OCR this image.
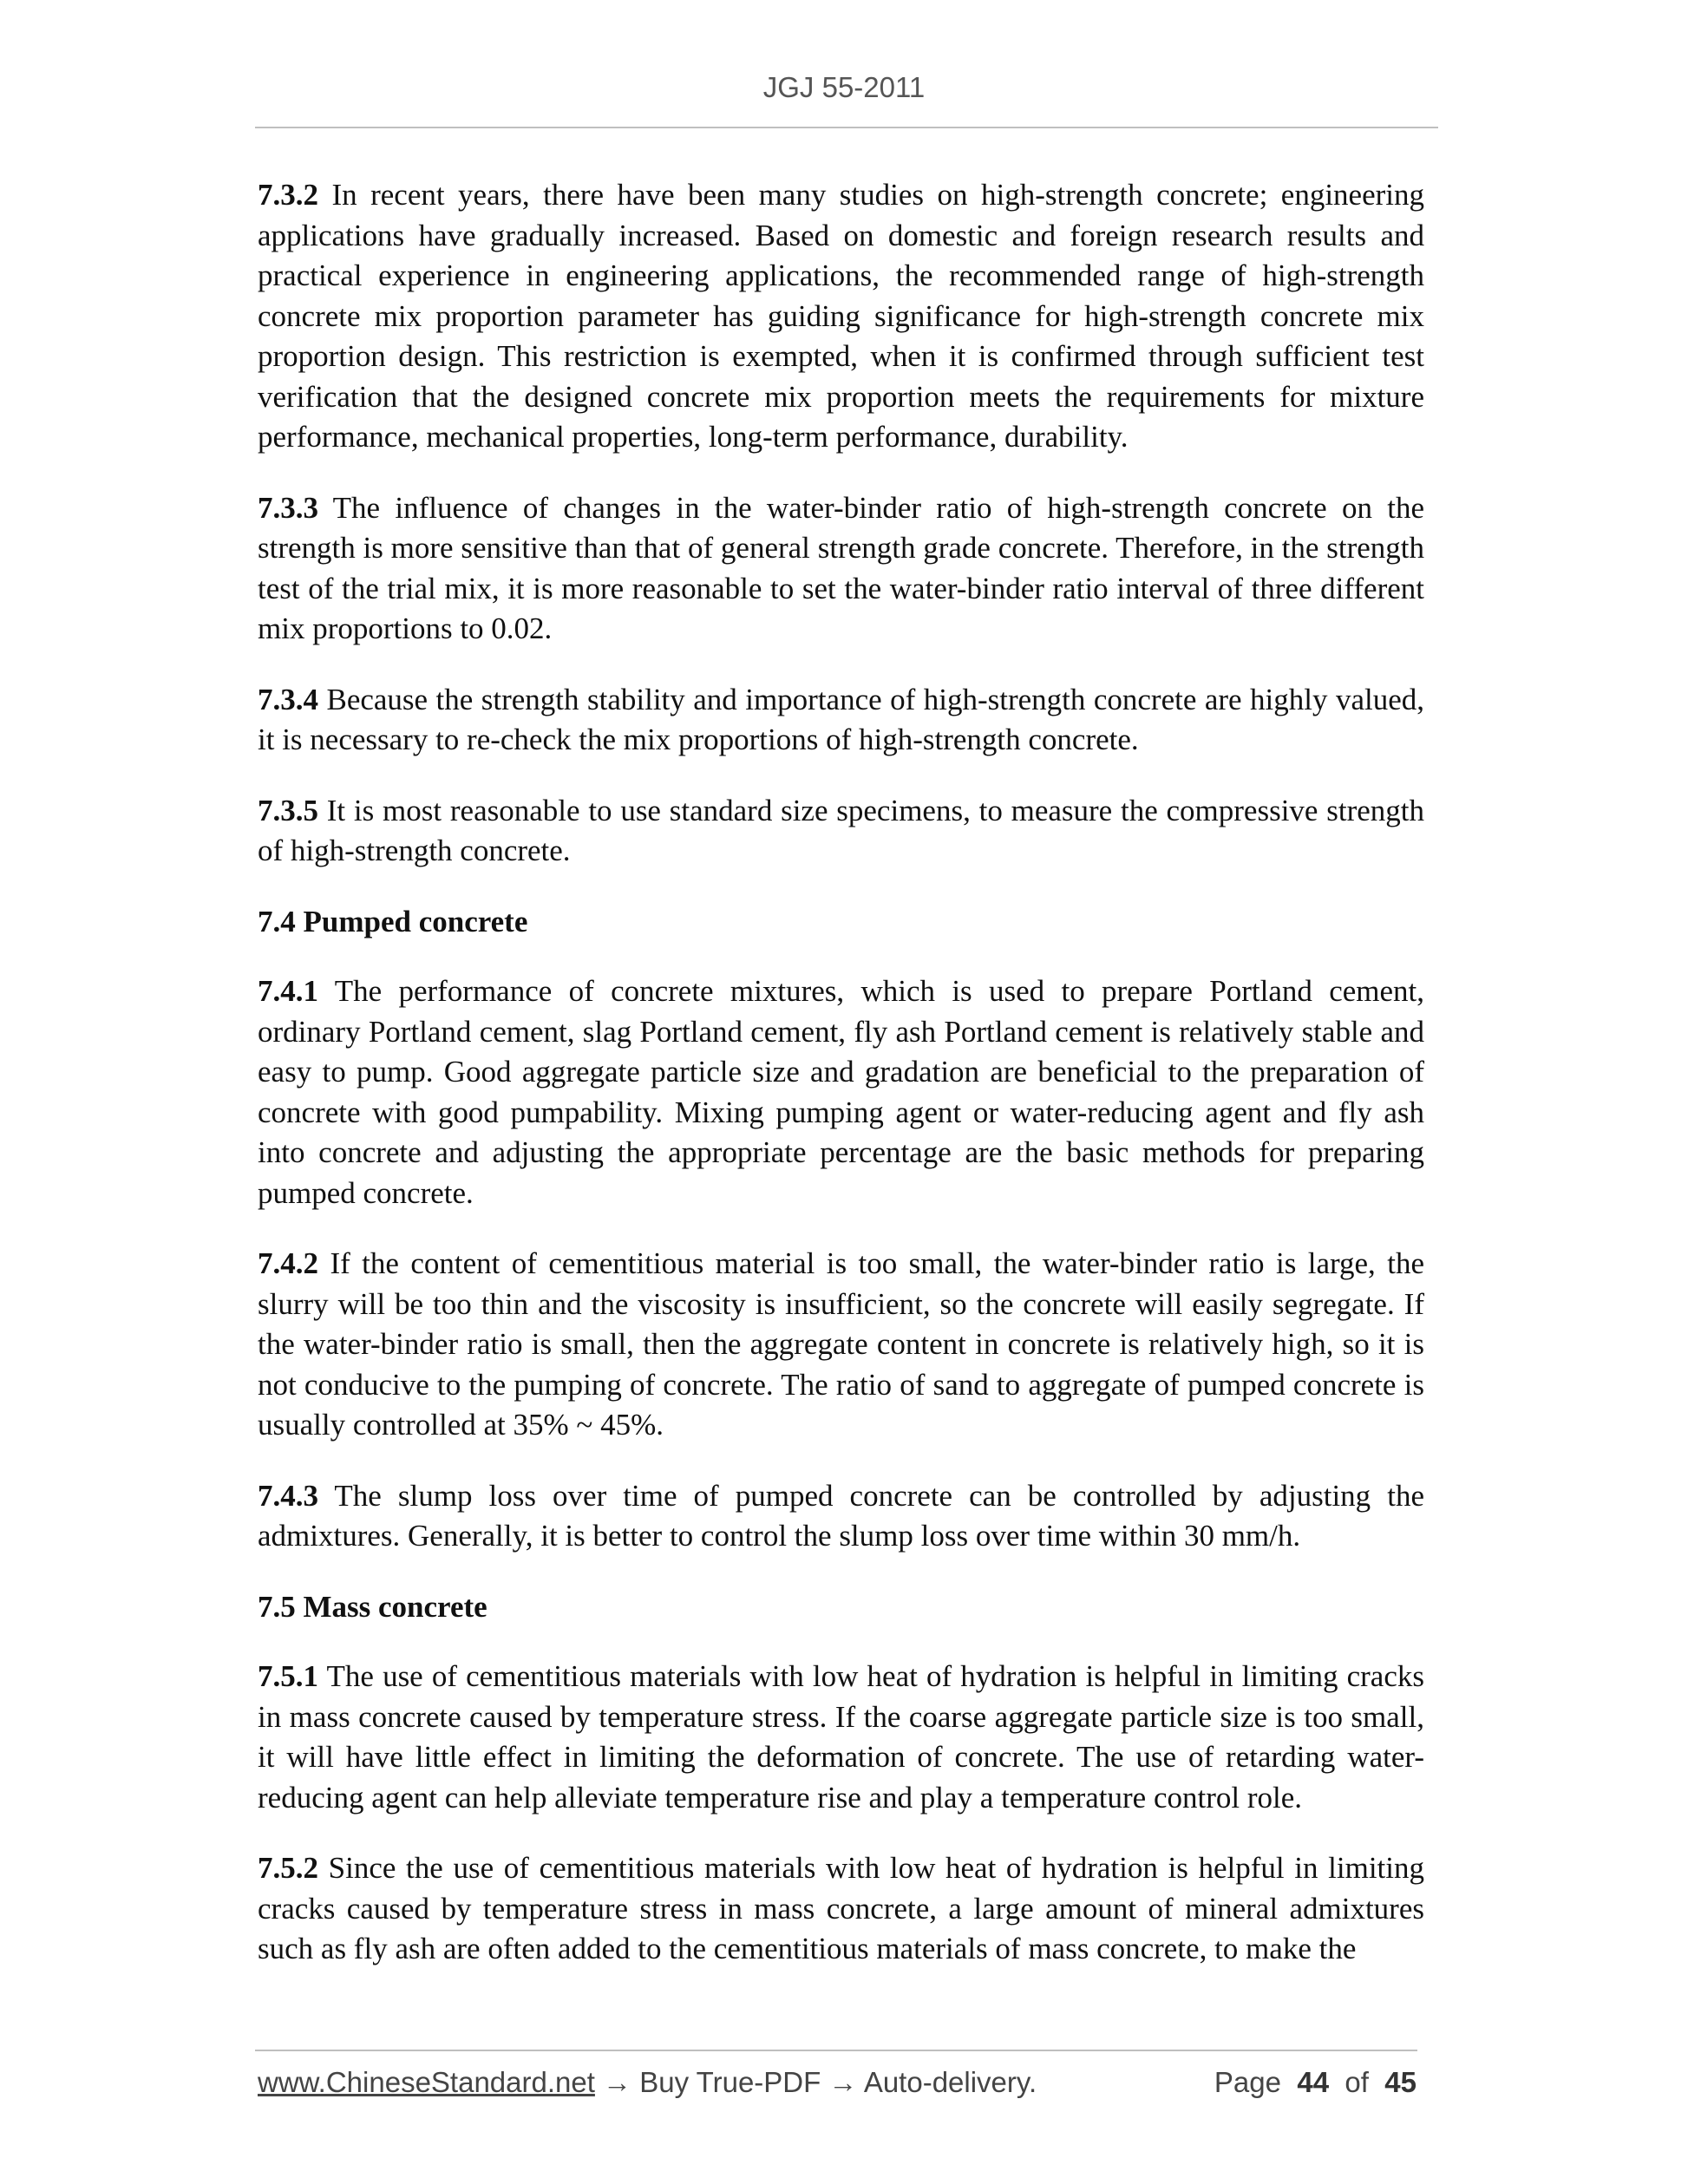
JGJ 55-2011

7.3.2 In recent years, there have been many studies on high-strength concrete; engineering applications have gradually increased. Based on domestic and foreign research results and practical experience in engineering applications, the recommended range of high-strength concrete mix proportion parameter has guiding significance for high-strength concrete mix proportion design. This restriction is exempted, when it is confirmed through sufficient test verification that the designed concrete mix proportion meets the requirements for mixture performance, mechanical properties, long-term performance, durability.

7.3.3 The influence of changes in the water-binder ratio of high-strength concrete on the strength is more sensitive than that of general strength grade concrete. Therefore, in the strength test of the trial mix, it is more reasonable to set the water-binder ratio interval of three different mix proportions to 0.02.

7.3.4 Because the strength stability and importance of high-strength concrete are highly valued, it is necessary to re-check the mix proportions of high-strength concrete.

7.3.5 It is most reasonable to use standard size specimens, to measure the compressive strength of high-strength concrete.

7.4 Pumped concrete

7.4.1 The performance of concrete mixtures, which is used to prepare Portland cement, ordinary Portland cement, slag Portland cement, fly ash Portland cement is relatively stable and easy to pump. Good aggregate particle size and gradation are beneficial to the preparation of concrete with good pumpability. Mixing pumping agent or water-reducing agent and fly ash into concrete and adjusting the appropriate percentage are the basic methods for preparing pumped concrete.

7.4.2 If the content of cementitious material is too small, the water-binder ratio is large, the slurry will be too thin and the viscosity is insufficient, so the concrete will easily segregate. If the water-binder ratio is small, then the aggregate content in concrete is relatively high, so it is not conducive to the pumping of concrete. The ratio of sand to aggregate of pumped concrete is usually controlled at 35% ~ 45%.

7.4.3 The slump loss over time of pumped concrete can be controlled by adjusting the admixtures. Generally, it is better to control the slump loss over time within 30 mm/h.

7.5 Mass concrete

7.5.1 The use of cementitious materials with low heat of hydration is helpful in limiting cracks in mass concrete caused by temperature stress. If the coarse aggregate particle size is too small, it will have little effect in limiting the deformation of concrete. The use of retarding water-reducing agent can help alleviate temperature rise and play a temperature control role.

7.5.2 Since the use of cementitious materials with low heat of hydration is helpful in limiting cracks caused by temperature stress in mass concrete, a large amount of mineral admixtures such as fly ash are often added to the cementitious materials of mass concrete, to make the

www.ChineseStandard.net → Buy True-PDF → Auto-delivery.	Page 44 of 45
